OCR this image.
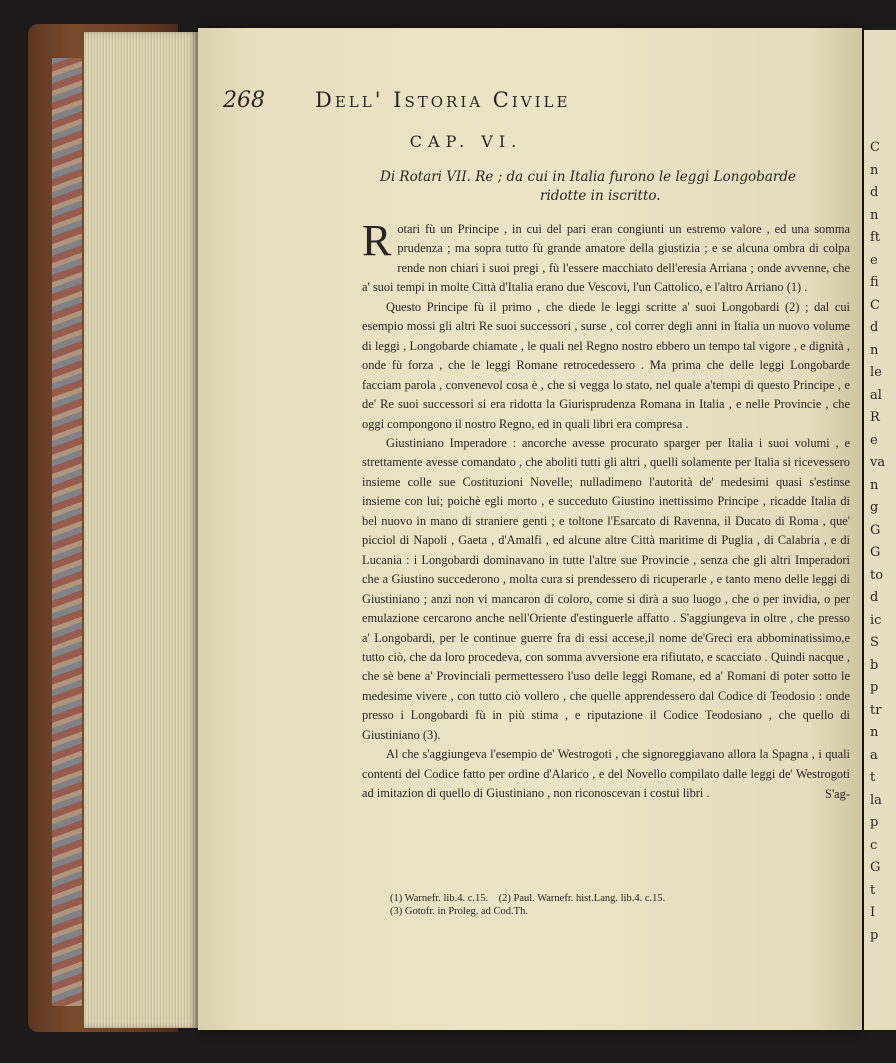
C
n
d
n
ft
e
fi
C
d
n
le
al
R
e
va
n
g
G
G
to
d
ic
S
b
p
tr
n
a
t
la
p
c
G
t
I
p
268 Dell' Istoria Civile
CAP. VI.
Di Rotari VII. Re ; da cui in Italia furono le leggi Longobarde
ridotte in iscritto.

Rotari fù un Principe , in cui del pari eran congiunti un estremo valore , ed una somma prudenza ; ma sopra tutto fù grande amatore della giustizia ; e se alcuna ombra di colpa rende non chiari i suoi pregi , fù l'essere macchiato dell'eresia Arriana ; onde avvenne, che a' suoi tempi in molte Città d'Italia erano due Vescovi, l'un Cattolico, e l'altro Arriano (1) .

Questo Principe fù il primo , che diede le leggi scritte a' suoi Longobardi (2) ; dal cui esempio mossi gli altri Re suoi successori , surse , col correr degli anni in Italia un nuovo volume di leggi , Longobarde chiamate , le quali nel Regno nostro ebbero un tempo tal vigore , e dignità , onde fù forza , che le leggi Romane retrocedessero . Ma prima che delle leggi Longobarde facciam parola , convenevol cosa è , che si vegga lo stato, nel quale a'tempi di questo Principe , e de' Re suoi successori si era ridotta la Giurisprudenza Romana in Italia , e nelle Provincie , che oggi compongono il nostro Regno, ed in quali libri era compresa .

Giustiniano Imperadore : ancorche avesse procurato sparger per Italia i suoi volumi , e strettamente avesse comandato , che aboliti tutti gli altri , quelli solamente per Italia si ricevessero insieme colle sue Costituzioni Novelle; nulladimeno l'autorità de' medesimi quasi s'estinse insieme con lui; poichè egli morto , e succeduto Giustino inettissimo Principe , ricadde Italia di bel nuovo in mano di straniere genti ; e toltone l'Esarcato di Ravenna, il Ducato di Roma , que' picciol di Napoli , Gaeta , d'Amalfi , ed alcune altre Città maritime di Puglia , di Calabria , e di Lucania : i Longobardi dominavano in tutte l'altre sue Provincie , senza che gli altri Imperadori che a Giustino succederono , molta cura si prendessero di ricuperarle , e tanto meno delle leggi di Giustiniano ; anzi non vi mancaron di coloro, come si dirà a suo luogo , che o per invidia, o per emulazione cercarono anche nell'Oriente d'estinguerle affatto . S'aggiungeva in oltre , che presso a' Longobardi, per le continue guerre fra di essi accese,il nome de'Greci era abbominatissimo,e tutto ciò, che da loro procedeva, con somma avversione era rifiutato, e scacciato . Quindi nacque , che sè bene a' Provinciali permettessero l'uso delle leggi Romane, ed a' Romani di poter sotto le medesime vivere , con tutto ciò vollero , che quelle apprendessero dal Codice di Teodosio : onde presso i Longobardi fù in più stima , e riputazione il Codice Teodosiano , che quello di Giustiniano (3).

Al che s'aggiungeva l'esempio de' Westrogoti , che signoreggiavano allora la Spagna , i quali contenti del Codice fatto per ordine d'Alarico , e del Novello compilato dalle leggi de' Westrogoti ad imitazion di quello di Giustiniano , non riconoscevan i costui libri .	S'ag-
(1) Warnefr. lib.4. c.15. (2) Paul. Warnefr. hist.Lang. lib.4. c.15.
(3) Gotofr. in Proleg. ad Cod.Th.
